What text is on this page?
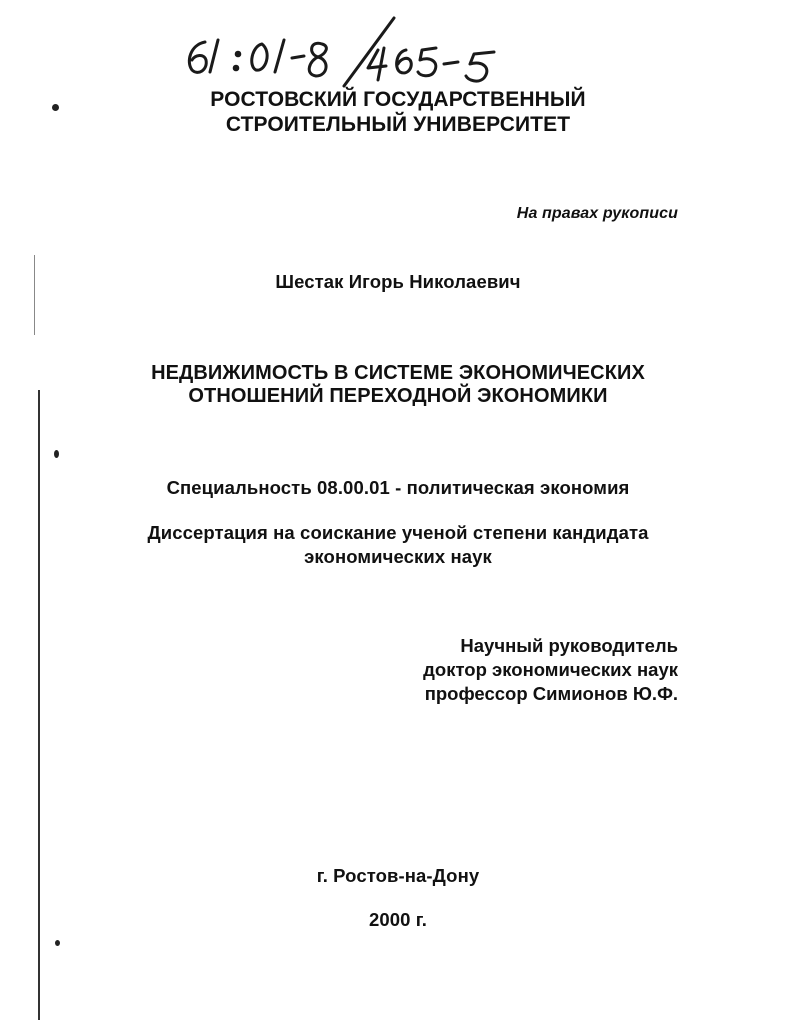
РОСТОВСКИЙ ГОСУДАРСТВЕННЫЙ
СТРОИТЕЛЬНЫЙ УНИВЕРСИТЕТ
На правах рукописи
Шестак Игорь Николаевич
НЕДВИЖИМОСТЬ В СИСТЕМЕ ЭКОНОМИЧЕСКИХ
ОТНОШЕНИЙ ПЕРЕХОДНОЙ ЭКОНОМИКИ
Специальность 08.00.01 - политическая экономия
Диссертация на соискание ученой степени кандидата
экономических наук
Научный руководитель
доктор экономических наук
профессор Симионов Ю.Ф.
г. Ростов-на-Дону
2000 г.
